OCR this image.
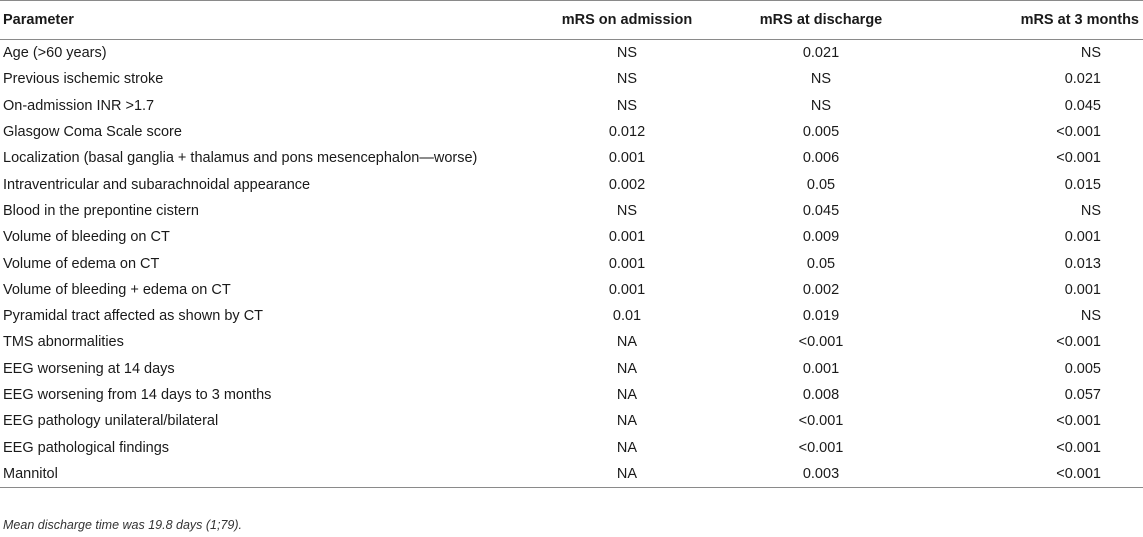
Parameter	mRS on admission	mRS at discharge	mRS at 3 months
Age (>60 years)	NS	0.021	NS
Previous ischemic stroke	NS	NS	0.021
On-admission INR >1.7	NS	NS	0.045
Glasgow Coma Scale score	0.012	0.005	<0.001
Localization (basal ganglia + thalamus and pons mesencephalon—worse)	0.001	0.006	<0.001
Intraventricular and subarachnoidal appearance	0.002	0.05	0.015
Blood in the prepontine cistern	NS	0.045	NS
Volume of bleeding on CT	0.001	0.009	0.001
Volume of edema on CT	0.001	0.05	0.013
Volume of bleeding + edema on CT	0.001	0.002	0.001
Pyramidal tract affected as shown by CT	0.01	0.019	NS
TMS abnormalities	NA	<0.001	<0.001
EEG worsening at 14 days	NA	0.001	0.005
EEG worsening from 14 days to 3 months	NA	0.008	0.057
EEG pathology unilateral/bilateral	NA	<0.001	<0.001
EEG pathological findings	NA	<0.001	<0.001
Mannitol	NA	0.003	<0.001
Mean discharge time was 19.8 days (1;79).
